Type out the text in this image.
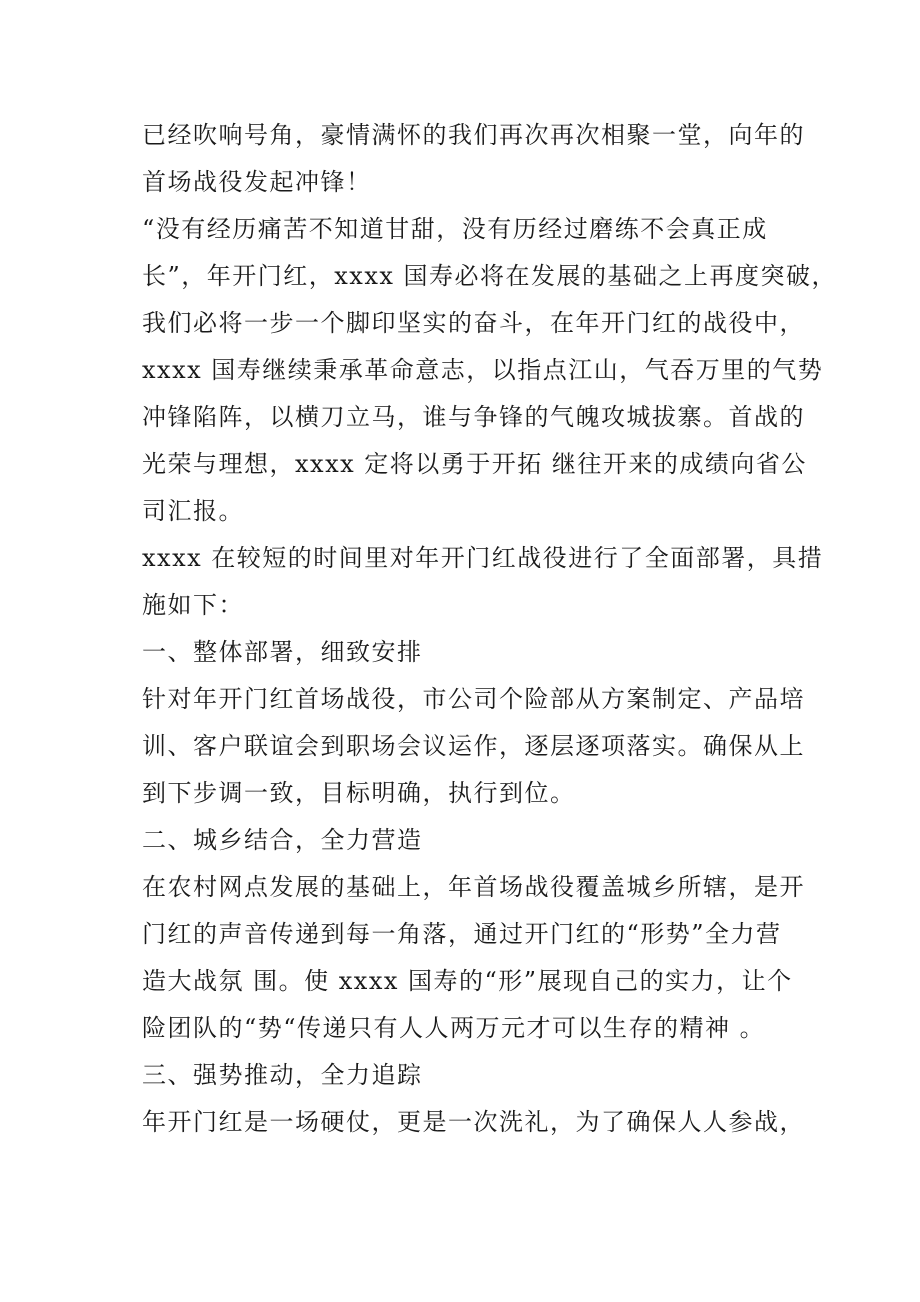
已经吹响号角，豪情满怀的我们再次再次相聚一堂，向年的
首场战役发起冲锋！
“没有经历痛苦不知道甘甜，没有历经过磨练不会真正成
长”，年开门红，xxxx 国寿必将在发展的基础之上再度突破，
我们必将一步一个脚印坚实的奋斗，在年开门红的战役中，
xxxx 国寿继续秉承革命意志，以指点江山，气吞万里的气势
冲锋陷阵，以横刀立马，谁与争锋的气魄攻城拔寨。首战的
光荣与理想，xxxx 定将以勇于开拓 继往开来的成绩向省公
司汇报。
xxxx 在较短的时间里对年开门红战役进行了全面部署，具措
施如下：
一、整体部署，细致安排
针对年开门红首场战役，市公司个险部从方案制定、产品培
训、客户联谊会到职场会议运作，逐层逐项落实。确保从上
到下步调一致，目标明确，执行到位。
二、城乡结合，全力营造
在农村网点发展的基础上，年首场战役覆盖城乡所辖，是开
门红的声音传递到每一角落，通过开门红的“形势”全力营
造大战氛 围。使 xxxx 国寿的“形”展现自己的实力，让个
险团队的“势“传递只有人人两万元才可以生存的精神 。
三、强势推动，全力追踪
年开门红是一场硬仗，更是一次洗礼，为了确保人人参战，
